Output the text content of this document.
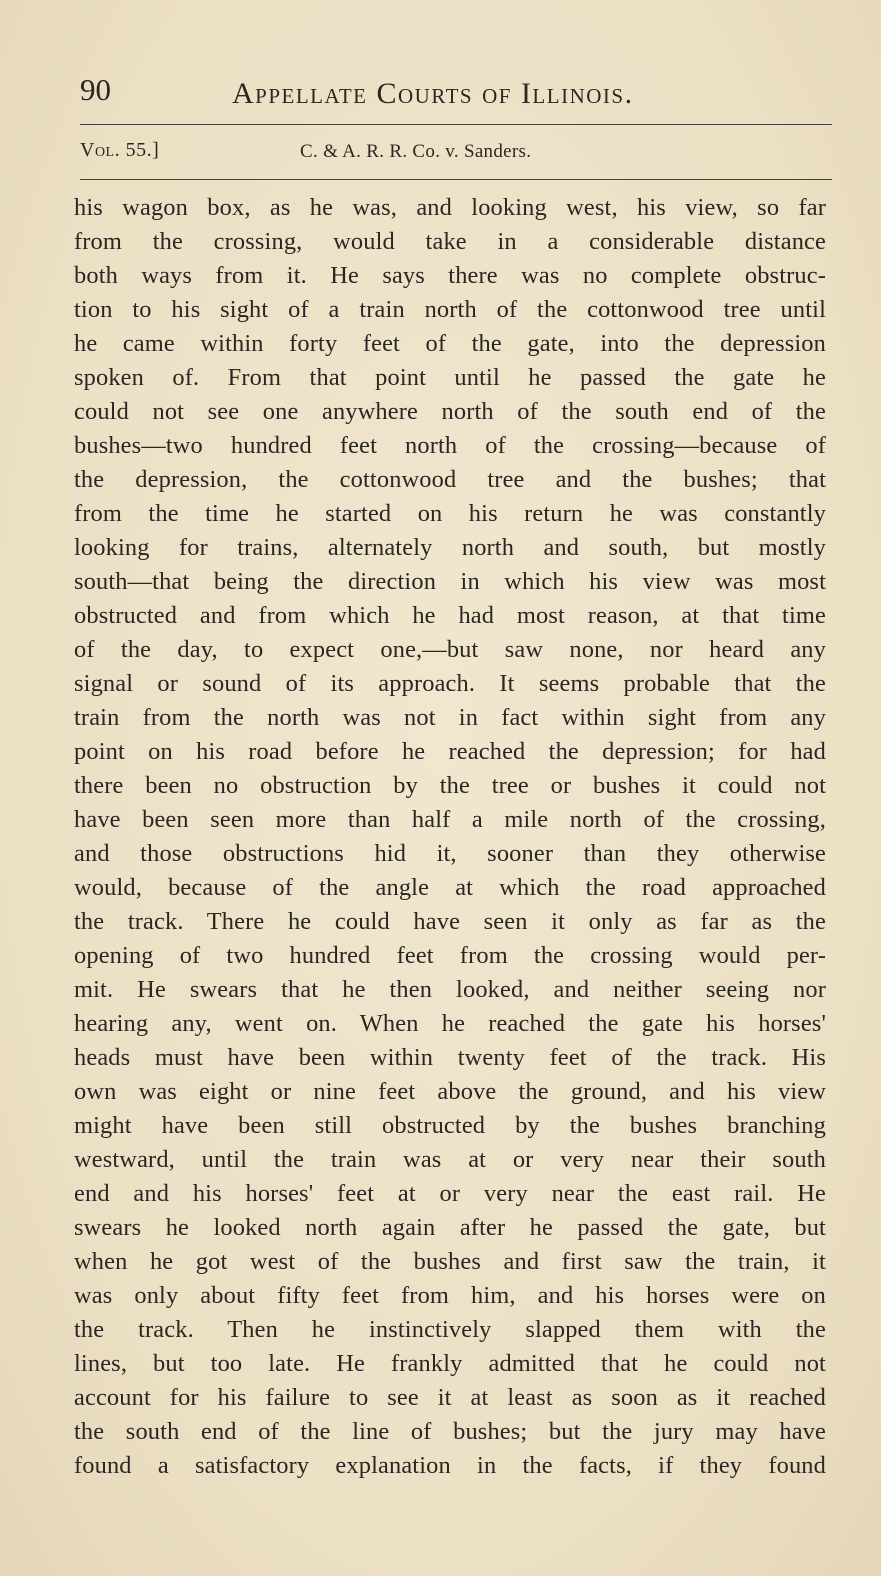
90	Appellate Courts of Illinois.
Vol. 55.]	C. & A. R. R. Co. v. Sanders.
his wagon box, as he was, and looking west, his view, so far
from the crossing, would take in a considerable distance
both ways from it. He says there was no complete obstruc-
tion to his sight of a train north of the cottonwood tree until
he came within forty feet of the gate, into the depression
spoken of. From that point until he passed the gate he
could not see one anywhere north of the south end of the
bushes—two hundred feet north of the crossing—because of
the depression, the cottonwood tree and the bushes; that
from the time he started on his return he was constantly
looking for trains, alternately north and south, but mostly
south—that being the direction in which his view was most
obstructed and from which he had most reason, at that time
of the day, to expect one,—but saw none, nor heard any
signal or sound of its approach. It seems probable that the
train from the north was not in fact within sight from any
point on his road before he reached the depression; for had
there been no obstruction by the tree or bushes it could not
have been seen more than half a mile north of the crossing,
and those obstructions hid it, sooner than they otherwise
would, because of the angle at which the road approached
the track. There he could have seen it only as far as the
opening of two hundred feet from the crossing would per-
mit. He swears that he then looked, and neither seeing nor
hearing any, went on. When he reached the gate his horses'
heads must have been within twenty feet of the track. His
own was eight or nine feet above the ground, and his view
might have been still obstructed by the bushes branching
westward, until the train was at or very near their south
end and his horses' feet at or very near the east rail. He
swears he looked north again after he passed the gate, but
when he got west of the bushes and first saw the train, it
was only about fifty feet from him, and his horses were on
the track. Then he instinctively slapped them with the
lines, but too late. He frankly admitted that he could not
account for his failure to see it at least as soon as it reached
the south end of the line of bushes; but the jury may have
found a satisfactory explanation in the facts, if they found
